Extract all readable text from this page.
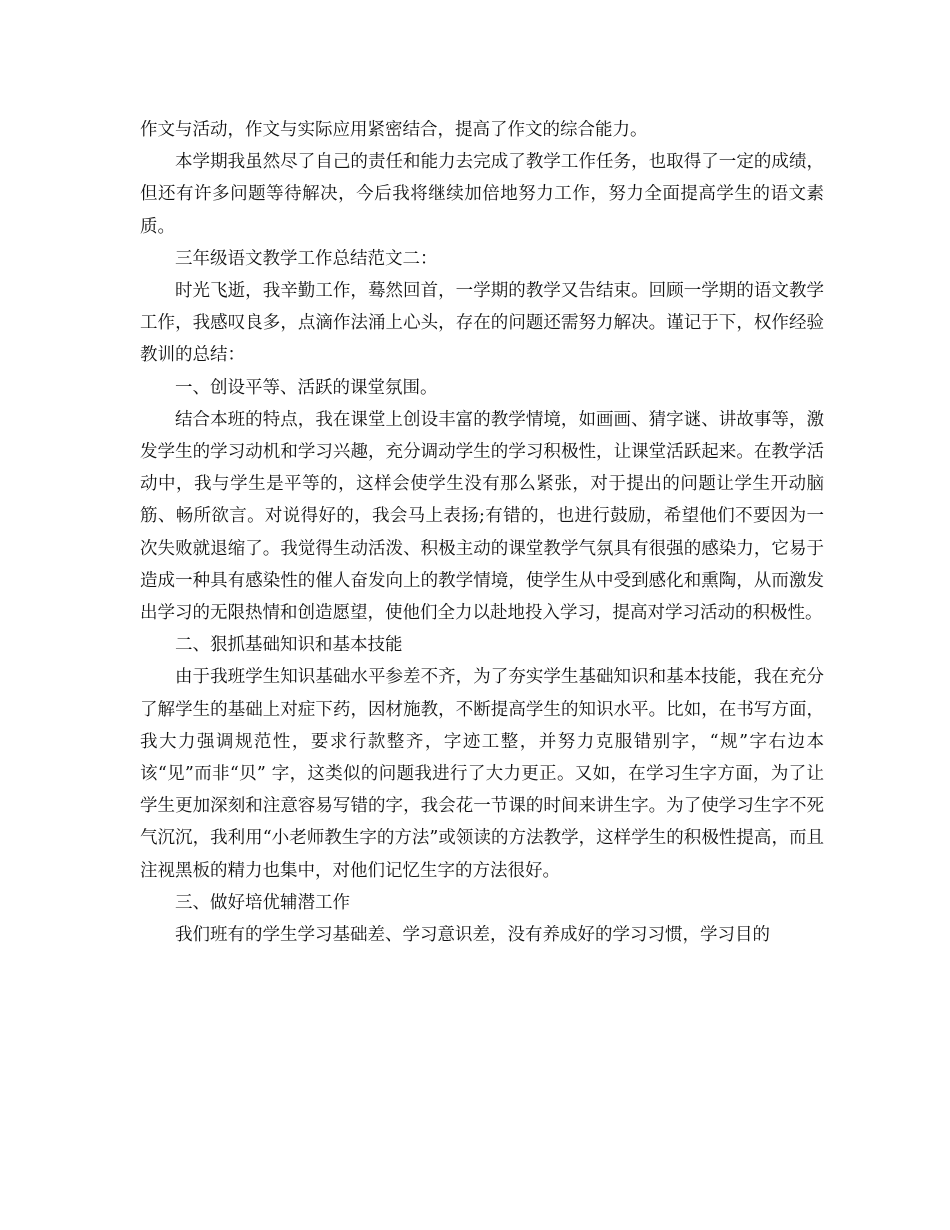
作文与活动，作文与实际应用紧密结合，提高了作文的综合能力。

本学期我虽然尽了自己的责任和能力去完成了教学工作任务，也取得了一定的成绩，但还有许多问题等待解决，今后我将继续加倍地努力工作，努力全面提高学生的语文素质。

三年级语文教学工作总结范文二：

时光飞逝，我辛勤工作，蓦然回首，一学期的教学又告结束。回顾一学期的语文教学工作，我感叹良多，点滴作法涌上心头，存在的问题还需努力解决。谨记于下，权作经验教训的总结：

一、创设平等、活跃的课堂氛围。

结合本班的特点，我在课堂上创设丰富的教学情境，如画画、猜字谜、讲故事等，激发学生的学习动机和学习兴趣，充分调动学生的学习积极性，让课堂活跃起来。在教学活动中，我与学生是平等的，这样会使学生没有那么紧张，对于提出的问题让学生开动脑筋、畅所欲言。对说得好的，我会马上表扬;有错的，也进行鼓励，希望他们不要因为一次失败就退缩了。我觉得生动活泼、积极主动的课堂教学气氛具有很强的感染力，它易于造成一种具有感染性的催人奋发向上的教学情境，使学生从中受到感化和熏陶，从而激发出学习的无限热情和创造愿望，使他们全力以赴地投入学习，提高对学习活动的积极性。

二、狠抓基础知识和基本技能

由于我班学生知识基础水平参差不齐，为了夯实学生基础知识和基本技能，我在充分了解学生的基础上对症下药，因材施教，不断提高学生的知识水平。比如，在书写方面，我大力强调规范性，要求行款整齐，字迹工整，并努力克服错别字，“规”字右边本该“见”而非“贝” 字，这类似的问题我进行了大力更正。又如，在学习生字方面，为了让学生更加深刻和注意容易写错的字，我会花一节课的时间来讲生字。为了使学习生字不死气沉沉，我利用“小老师教生字的方法”或领读的方法教学，这样学生的积极性提高，而且注视黑板的精力也集中，对他们记忆生字的方法很好。

三、做好培优辅潜工作

我们班有的学生学习基础差、学习意识差，没有养成好的学习习惯，学习目的
